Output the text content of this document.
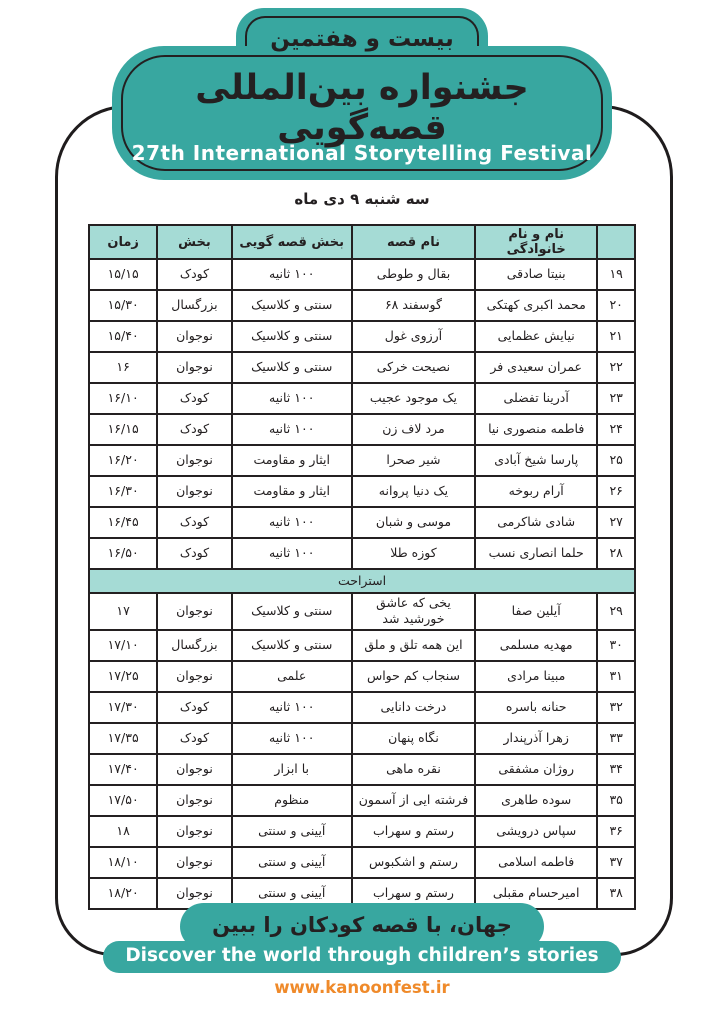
بیست و هفتمین
جشنواره بین‌المللی قصه‌گویی
27th International Storytelling Festival
سه شنبه ۹ دی ماه
	نام و نام خانوادگی	نام قصه	بخش قصه گویی	بخش	زمان
۱۹	بنیتا صادقی	بقال و طوطی	۱۰۰ ثانیه	کودک	۱۵/۱۵
۲۰	محمد اکبری کهتکی	گوسفند ۶۸	سنتی و کلاسیک	بزرگسال	۱۵/۳۰
۲۱	نیایش عظمایی	آرزوی غول	سنتی و کلاسیک	نوجوان	۱۵/۴۰
۲۲	عمران سعیدی فر	نصیحت خرکی	سنتی و کلاسیک	نوجوان	۱۶
۲۳	آدرینا تفضلی	یک موجود عجیب	۱۰۰ ثانیه	کودک	۱۶/۱۰
۲۴	فاطمه منصوری نیا	مرد لاف زن	۱۰۰ ثانیه	کودک	۱۶/۱۵
۲۵	پارسا شیخ آبادی	شیر صحرا	ایثار و مقاومت	نوجوان	۱۶/۲۰
۲۶	آرام ربوخه	یک دنیا پروانه	ایثار و مقاومت	نوجوان	۱۶/۳۰
۲۷	شادی شاکرمی	موسی و شبان	۱۰۰ ثانیه	کودک	۱۶/۴۵
۲۸	حلما انصاری نسب	کوزه طلا	۱۰۰ ثانیه	کودک	۱۶/۵۰
استراحت					
۲۹	آیلین صفا	یخی که عاشق خورشید شد	سنتی و کلاسیک	نوجوان	۱۷
۳۰	مهدیه مسلمی	این همه تلق و ملق	سنتی و کلاسیک	بزرگسال	۱۷/۱۰
۳۱	مبینا مرادی	سنجاب کم حواس	علمی	نوجوان	۱۷/۲۵
۳۲	حنانه باسره	درخت دانایی	۱۰۰ ثانیه	کودک	۱۷/۳۰
۳۳	زهرا آذرپندار	نگاه پنهان	۱۰۰ ثانیه	کودک	۱۷/۳۵
۳۴	روژان مشفقی	نقره ماهی	با ابزار	نوجوان	۱۷/۴۰
۳۵	سوده طاهری	فرشته ایی از آسمون	منظوم	نوجوان	۱۷/۵۰
۳۶	سپاس درویشی	رستم و سهراب	آیینی و سنتی	نوجوان	۱۸
۳۷	فاطمه اسلامی	رستم و اشکبوس	آیینی و سنتی	نوجوان	۱۸/۱۰
۳۸	امیرحسام مقبلی	رستم و سهراب	آیینی و سنتی	نوجوان	۱۸/۲۰
جهان، با قصه کودکان را ببین
Discover the world through children’s stories
www.kanoonfest.ir
